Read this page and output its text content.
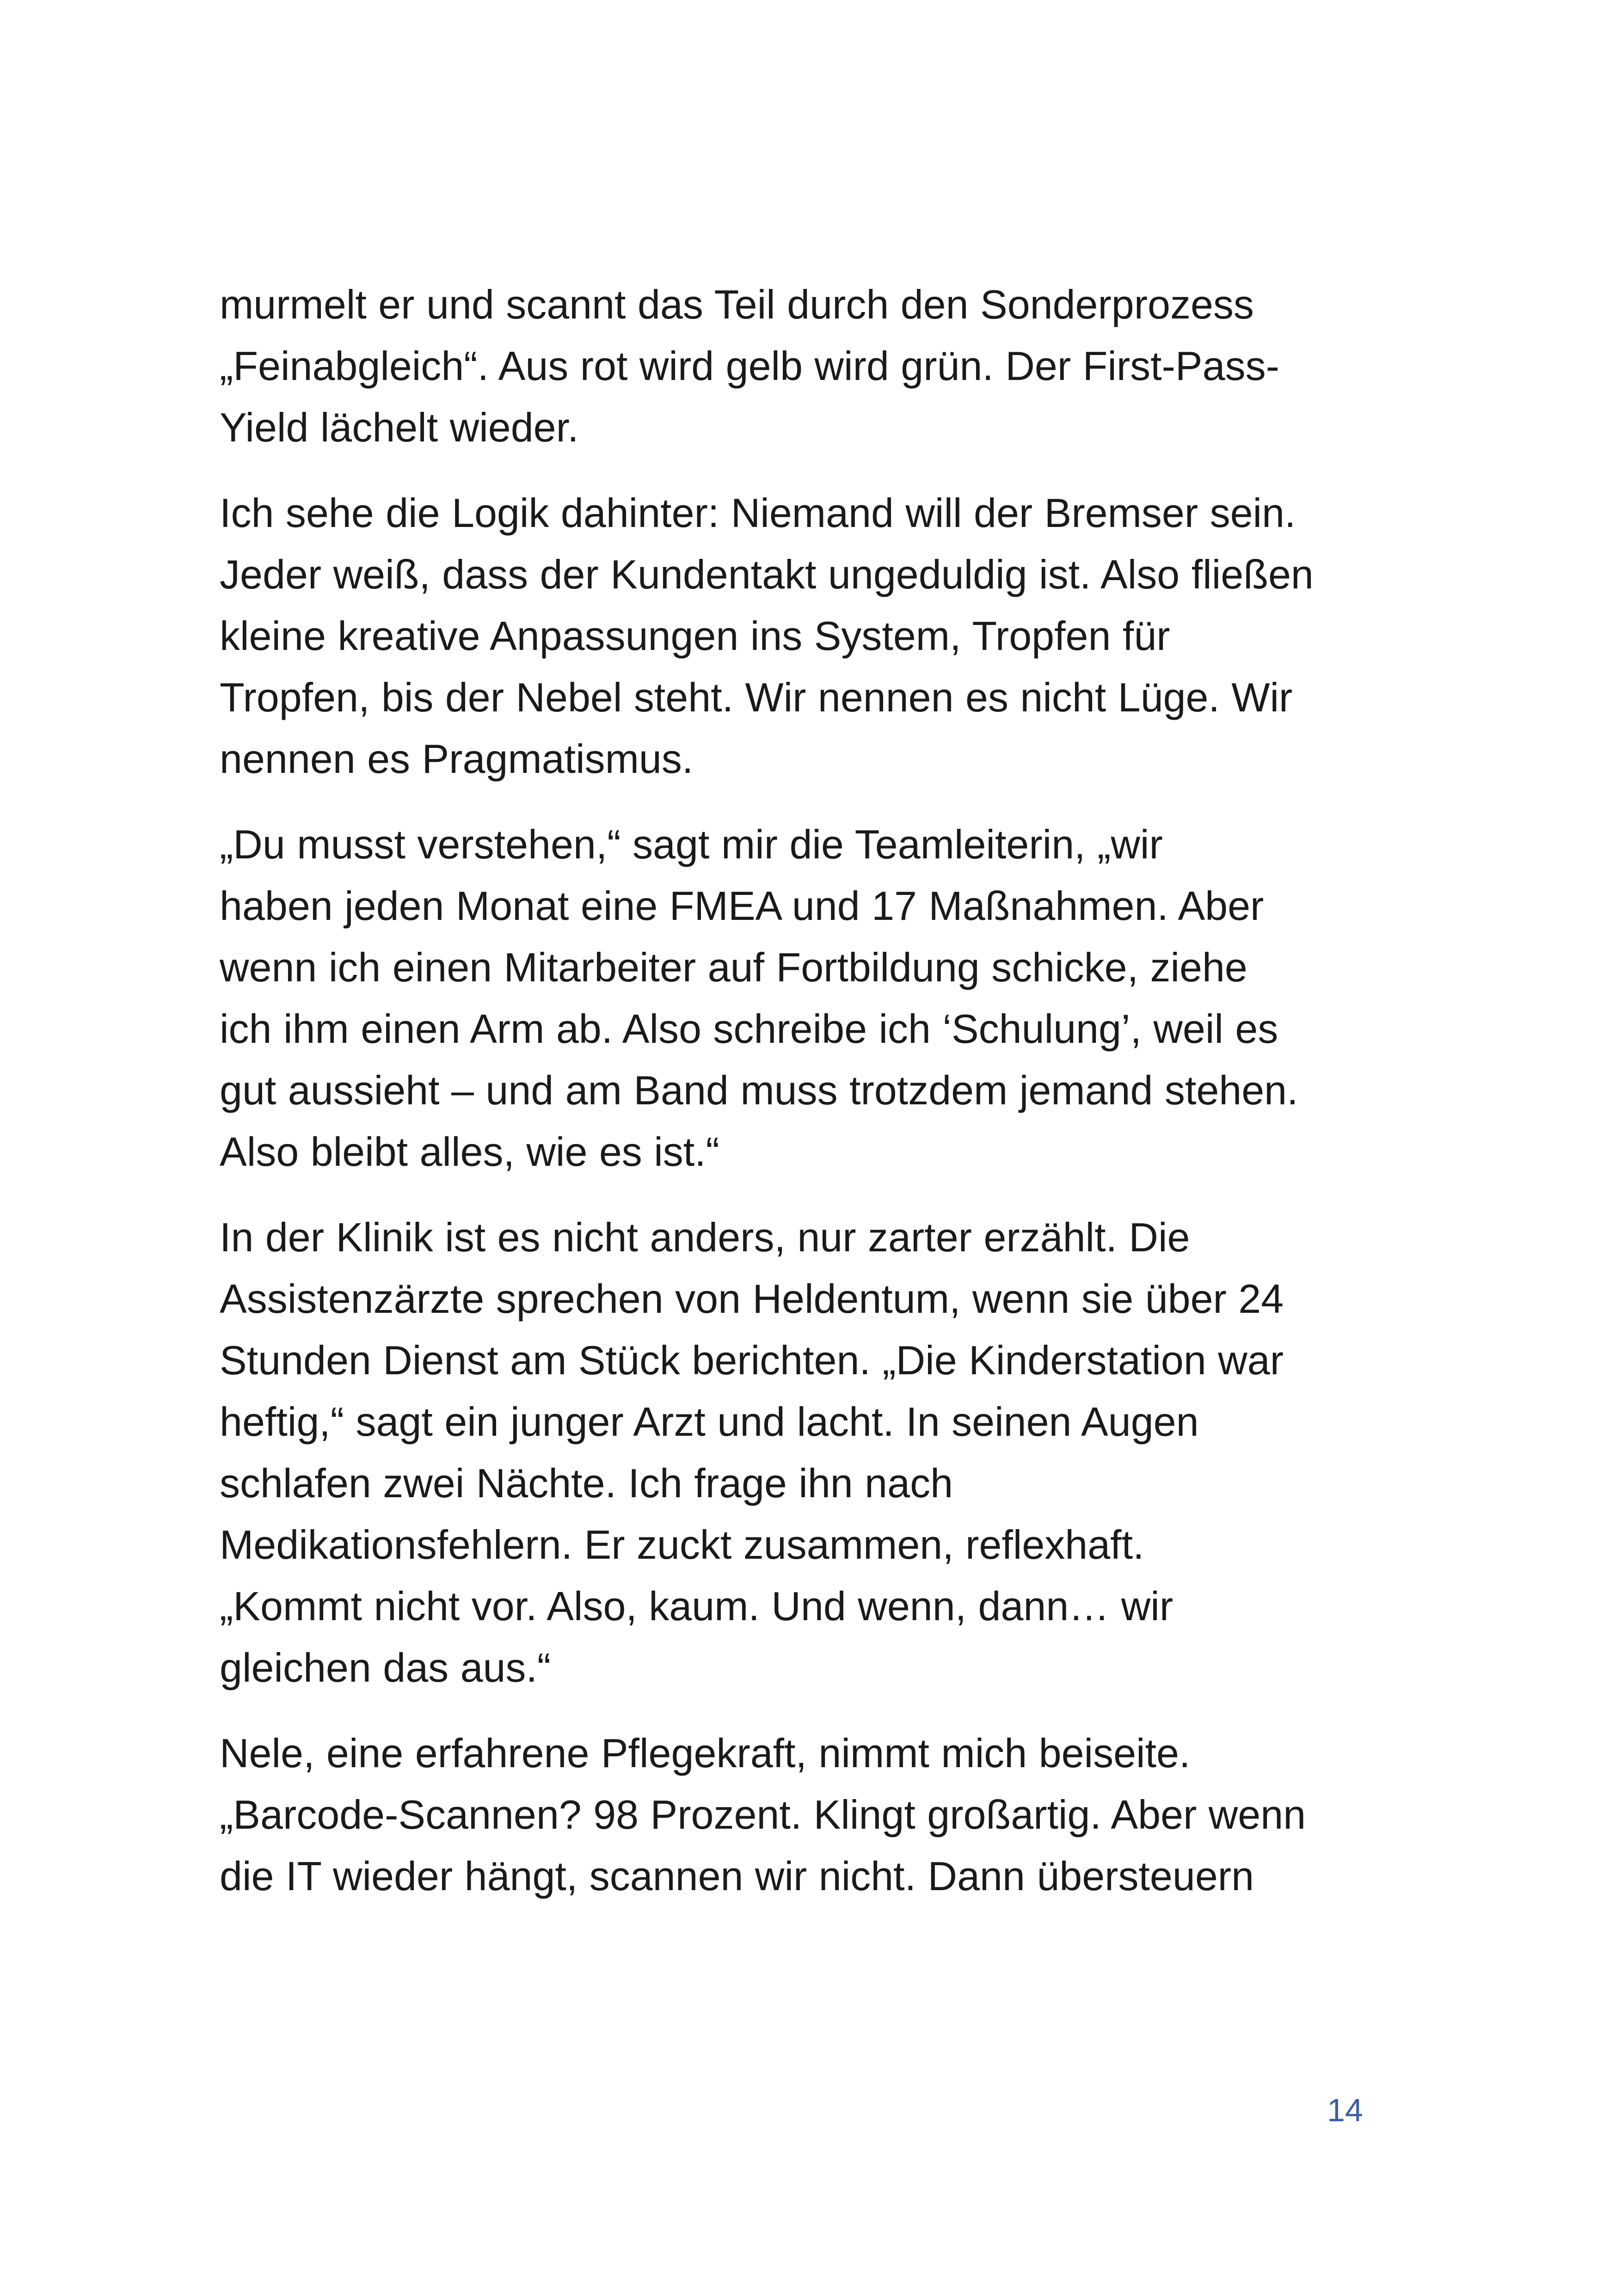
murmelt er und scannt das Teil durch den Sonderprozess
„Feinabgleich“. Aus rot wird gelb wird grün. Der First-Pass-
Yield lächelt wieder.

Ich sehe die Logik dahinter: Niemand will der Bremser sein.
Jeder weiß, dass der Kundentakt ungeduldig ist. Also fließen
kleine kreative Anpassungen ins System, Tropfen für
Tropfen, bis der Nebel steht. Wir nennen es nicht Lüge. Wir
nennen es Pragmatismus.

„Du musst verstehen,“ sagt mir die Teamleiterin, „wir
haben jeden Monat eine FMEA und 17 Maßnahmen. Aber
wenn ich einen Mitarbeiter auf Fortbildung schicke, ziehe
ich ihm einen Arm ab. Also schreibe ich ‘Schulung’, weil es
gut aussieht – und am Band muss trotzdem jemand stehen.
Also bleibt alles, wie es ist.“

In der Klinik ist es nicht anders, nur zarter erzählt. Die
Assistenzärzte sprechen von Heldentum, wenn sie über 24
Stunden Dienst am Stück berichten. „Die Kinderstation war
heftig,“ sagt ein junger Arzt und lacht. In seinen Augen
schlafen zwei Nächte. Ich frage ihn nach
Medikationsfehlern. Er zuckt zusammen, reflexhaft.
„Kommt nicht vor. Also, kaum. Und wenn, dann… wir
gleichen das aus.“

Nele, eine erfahrene Pflegekraft, nimmt mich beiseite.
„Barcode-Scannen? 98 Prozent. Klingt großartig. Aber wenn
die IT wieder hängt, scannen wir nicht. Dann übersteuern

14
